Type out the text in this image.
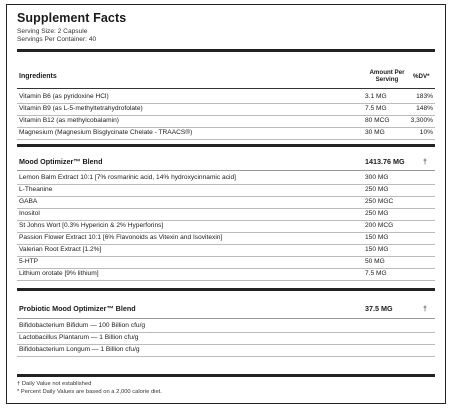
Supplement Facts
Serving Size: 2 Capsule
Servings Per Container: 40
Ingredients
Amount Per Serving	%DV*
Vitamin B6 (as pyridoxine HCl)	3.1 MG	183%
Vitamin B9 (as L-5-methyltetrahydrofolate)	7.5 MG	148%
Vitamin B12 (as methylcobalamin)	80 MCG	3,300%
Magnesium (Magnesium Bisglycinate Chelate - TRAACS®)	30 MG	10%
Mood Optimizer™ Blend	1413.76 MG	†
Lemon Balm Extract 10:1 [7% rosmarinic acid, 14% hydroxycinnamic acid]	300 MG
L-Theanine	250 MG
GABA	250 MGC
Inositol	250 MG
St Johns Wort [0.3% Hypericin & 2% Hyperforins]	200 MCG
Passion Flower Extract 10:1 [6% Flavonoids as Vitexin and Isovitexin]	150 MG
Valerian Root Extract [1.2%]	150 MG
5-HTP	50 MG
Lithium orotate [9% lithium]	7.5 MG
Probiotic Mood Optimizer™ Blend	37.5 MG	†
Bifidobacterium Bifidum — 100 Billion cfu/g
Lactobacillus Plantarum — 1 Billion cfu/g
Bifidobacterium Longum — 1 Billion cfu/g
† Daily Value not established
* Percent Daily Values are based on a 2,000 calorie diet.
